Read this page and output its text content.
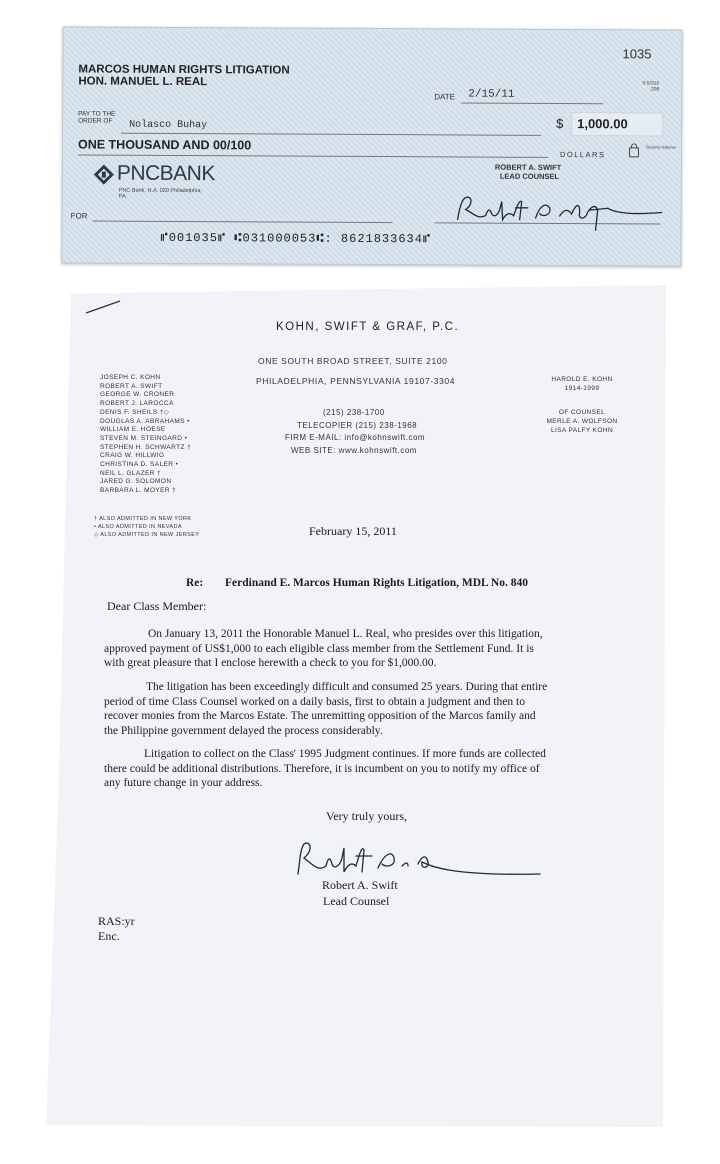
1035
MARCOS HUMAN RIGHTS LITIGATION
HON. MANUEL L. REAL	3-5/310 206
DATE 2/15/11
PAY TO THE ORDER OF	Nolasco Buhay	$ 1,000.00
ONE THOUSAND AND 00/100
DOLLARS
Security features
PNCBANK
PNC Bank, N.A. 020 Philadelphia, PA
ROBERT A. SWIFT
LEAD COUNSEL
FOR
⑈001035⑈ ⑆031000053⑆: 8621833634⑈
KOHN, SWIFT & GRAF, P.C.
ONE SOUTH BROAD STREET, SUITE 2100
PHILADELPHIA, PENNSYLVANIA 19107-3304
(215) 238-1700
TELECOPIER (215) 238-1968
FIRM E-MAIL: info@kohnswift.com
WEB SITE: www.kohnswift.com
JOSEPH C. KOHN
ROBERT A. SWIFT
GEORGE W. CRONER
ROBERT J. LAROCCA
DENIS F. SHEILS †◇
DOUGLAS A. ABRAHAMS •
WILLIAM E. HOESE
STEVEN M. STEINGARD •
STEPHEN H. SCHWARTZ †
CRAIG W. HILLWIG
CHRISTINA D. SALER •
NEIL L. GLAZER †
JARED G. SOLOMON
BARBARA L. MOYER †
HAROLD E. KOHN
1914-1999
OF COUNSEL
MERLE A. WOLFSON
LISA PALFY KOHN
† ALSO ADMITTED IN NEW YORK
• ALSO ADMITTED IN NEVADA
◇ ALSO ADMITTED IN NEW JERSEY	February 15, 2011
Re: Ferdinand E. Marcos Human Rights Litigation, MDL No. 840
Dear Class Member:
On January 13, 2011 the Honorable Manuel L. Real, who presides over this litigation,
approved payment of US$1,000 to each eligible class member from the Settlement Fund. It is
with great pleasure that I enclose herewith a check to you for $1,000.00.
The litigation has been exceedingly difficult and consumed 25 years. During that entire
period of time Class Counsel worked on a daily basis, first to obtain a judgment and then to
recover monies from the Marcos Estate. The unremitting opposition of the Marcos family and
the Philippine government delayed the process considerably.
Litigation to collect on the Class' 1995 Judgment continues. If more funds are collected
there could be additional distributions. Therefore, it is incumbent on you to notify my office of
any future change in your address.
Very truly yours,
Robert A. Swift
Lead Counsel
RAS:yr
Enc.
